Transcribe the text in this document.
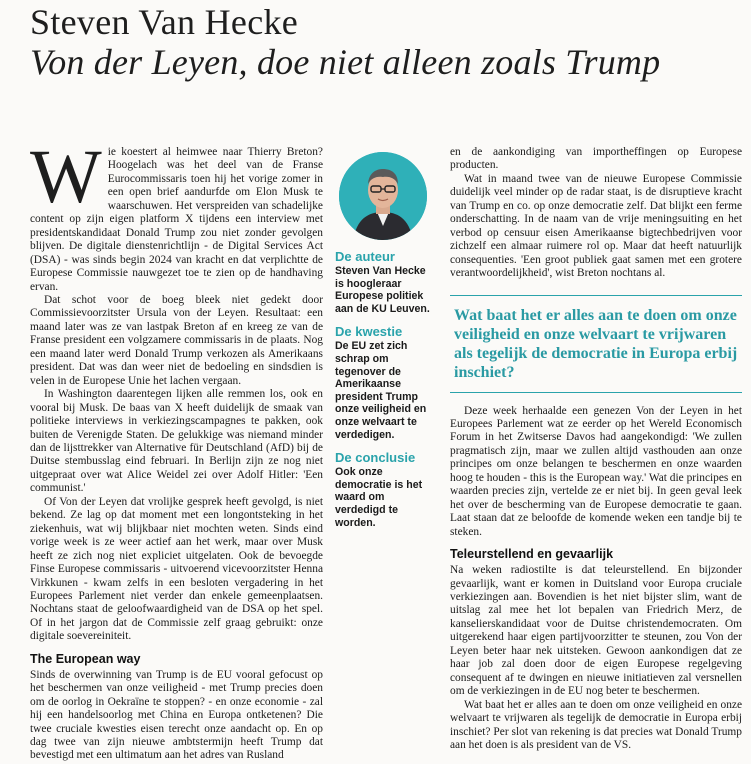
Steven Van Hecke
Von der Leyen, doe niet alleen zoals Trump

Wie koestert al heimwee naar Thierry Breton? Hoogelach was het deel van de Franse Eurocommissaris toen hij het vorige zomer in een open brief aandurfde om Elon Musk te waarschuwen. Het verspreiden van schadelijke content op zijn eigen platform X tijdens een interview met presidentskandidaat Donald Trump zou niet zonder gevolgen blijven. De digitale dienstenrichtlijn - de Digital Services Act (DSA) - was sinds begin 2024 van kracht en dat verplichtte de Europese Commissie nauwgezet toe te zien op de handhaving ervan.

Dat schot voor de boeg bleek niet gedekt door Commissievoorzitster Ursula von der Leyen. Resultaat: een maand later was ze van lastpak Breton af en kreeg ze van de Franse president een volgzamere commissaris in de plaats. Nog een maand later werd Donald Trump verkozen als Amerikaans president. Dat was dan weer niet de bedoeling en sindsdien is velen in de Europese Unie het lachen vergaan.

In Washington daarentegen lijken alle remmen los, ook en vooral bij Musk. De baas van X heeft duidelijk de smaak van politieke interviews in verkiezingscampagnes te pakken, ook buiten de Verenigde Staten. De gelukkige was niemand minder dan de lijsttrekker van Alternative für Deutschland (AfD) bij de Duitse stembusslag eind februari. In Berlijn zijn ze nog niet uitgepraat over wat Alice Weidel zei over Adolf Hitler: 'Een communist.'

Of Von der Leyen dat vrolijke gesprek heeft gevolgd, is niet bekend. Ze lag op dat moment met een longontsteking in het ziekenhuis, wat wij blijkbaar niet mochten weten. Sinds eind vorige week is ze weer actief aan het werk, maar over Musk heeft ze zich nog niet expliciet uitgelaten. Ook de bevoegde Finse Europese commissaris - uitvoerend vicevoorzitster Henna Virkkunen - kwam zelfs in een besloten vergadering in het Europees Parlement niet verder dan enkele gemeenplaatsen. Nochtans staat de geloofwaardigheid van de DSA op het spel. Of in het jargon dat de Commissie zelf graag gebruikt: onze digitale soevereiniteit.

The European way

Sinds de overwinning van Trump is de EU vooral gefocust op het beschermen van onze veiligheid - met Trump precies doen om de oorlog in Oekraïne te stoppen? - en onze economie - zal hij een handelsoorlog met China en Europa ontketenen? Die twee cruciale kwesties eisen terecht onze aandacht op. En op dag twee van zijn nieuwe ambtstermijn heeft Trump dat bevestigd met een ultimatum aan het adres van Rusland

De auteur
Steven Van Hecke is hoogleraar Europese politiek aan de KU Leuven.
De kwestie
De EU zet zich schrap om tegenover de Amerikaanse president Trump onze veiligheid en onze welvaart te verdedigen.
De conclusie
Ook onze democratie is het waard om verdedigd te worden.

en de aankondiging van importheffingen op Europese producten.

Wat in maand twee van de nieuwe Europese Commissie duidelijk veel minder op de radar staat, is de disruptieve kracht van Trump en co. op onze democratie zelf. Dat blijkt een ferme onderschatting. In de naam van de vrije meningsuiting en het verbod op censuur eisen Amerikaanse bigtechbedrijven voor zichzelf een almaar ruimere rol op. Maar dat heeft natuurlijk consequenties. 'Een groot publiek gaat samen met een grotere verantwoordelijkheid', wist Breton nochtans al.

Wat baat het er alles aan te doen om onze veiligheid en onze welvaart te vrijwaren als tegelijk de democratie in Europa erbij inschiet?

Deze week herhaalde een genezen Von der Leyen in het Europees Parlement wat ze eerder op het Wereld Economisch Forum in het Zwitserse Davos had aangekondigd: 'We zullen pragmatisch zijn, maar we zullen altijd vasthouden aan onze principes om onze belangen te beschermen en onze waarden hoog te houden - this is the European way.' Wat die principes en waarden precies zijn, vertelde ze er niet bij. In geen geval leek het over de bescherming van de Europese democratie te gaan. Laat staan dat ze beloofde de komende weken een tandje bij te steken.

Teleurstellend en gevaarlijk

Na weken radiostilte is dat teleurstellend. En bijzonder gevaarlijk, want er komen in Duitsland voor Europa cruciale verkiezingen aan. Bovendien is het niet bijster slim, want de uitslag zal mee het lot bepalen van Friedrich Merz, de kanselierskandidaat voor de Duitse christendemocraten. Om uitgerekend haar eigen partijvoorzitter te steunen, zou Von der Leyen beter haar nek uitsteken. Gewoon aankondigen dat ze haar job zal doen door de eigen Europese regelgeving consequent af te dwingen en nieuwe initiatieven zal versnellen om de verkiezingen in de EU nog beter te beschermen.

Wat baat het er alles aan te doen om onze veiligheid en onze welvaart te vrijwaren als tegelijk de democratie in Europa erbij inschiet? Per slot van rekening is dat precies wat Donald Trump aan het doen is als president van de VS.
